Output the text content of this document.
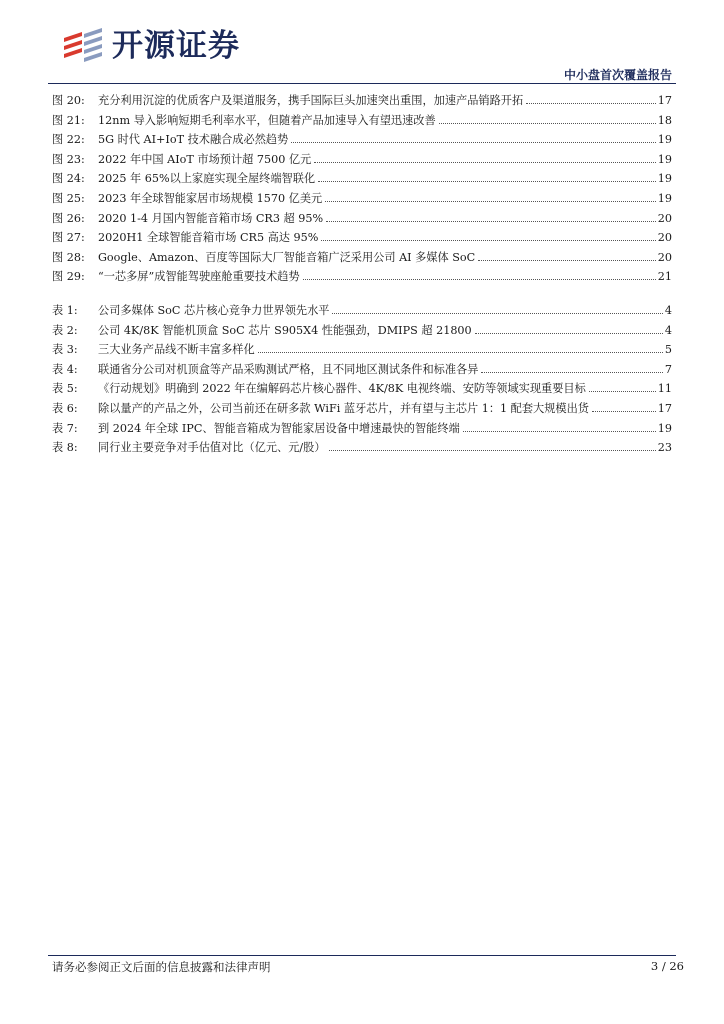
开源证券
中小盘首次覆盖报告
图 20:	充分利用沉淀的优质客户及渠道服务，携手国际巨头加速突出重围，加速产品销路开拓	17
图 21:	12nm 导入影响短期毛利率水平，但随着产品加速导入有望迅速改善	18
图 22:	5G 时代 AI+IoT 技术融合成必然趋势	19
图 23:	2022 年中国 AIoT 市场预计超 7500 亿元	19
图 24:	2025 年 65%以上家庭实现全屋终端智联化	19
图 25:	2023 年全球智能家居市场规模 1570 亿美元	19
图 26:	2020 1-4 月国内智能音箱市场 CR3 超 95%	20
图 27:	2020H1 全球智能音箱市场 CR5 高达 95%	20
图 28:	Google、Amazon、百度等国际大厂智能音箱广泛采用公司 AI 多媒体 SoC	20
图 29:	“一芯多屏”成智能驾驶座舱重要技术趋势	21
表 1:	公司多媒体 SoC 芯片核心竞争力世界领先水平	4
表 2:	公司 4K/8K 智能机顶盒 SoC 芯片 S905X4 性能强劲，DMIPS 超 21800	4
表 3:	三大业务产品线不断丰富多样化	5
表 4:	联通省分公司对机顶盒等产品采购测试严格，且不同地区测试条件和标准各异	7
表 5:	《行动规划》明确到 2022 年在编解码芯片核心器件、4K/8K 电视终端、安防等领域实现重要目标	11
表 6:	除以量产的产品之外，公司当前还在研多款 WiFi 蓝牙芯片，并有望与主芯片 1：1 配套大规模出货	17
表 7:	到 2024 年全球 IPC、智能音箱成为智能家居设备中增速最快的智能终端	19
表 8:	同行业主要竞争对手估值对比（亿元、元/股）	23
请务必参阅正文后面的信息披露和法律声明	3 / 26
